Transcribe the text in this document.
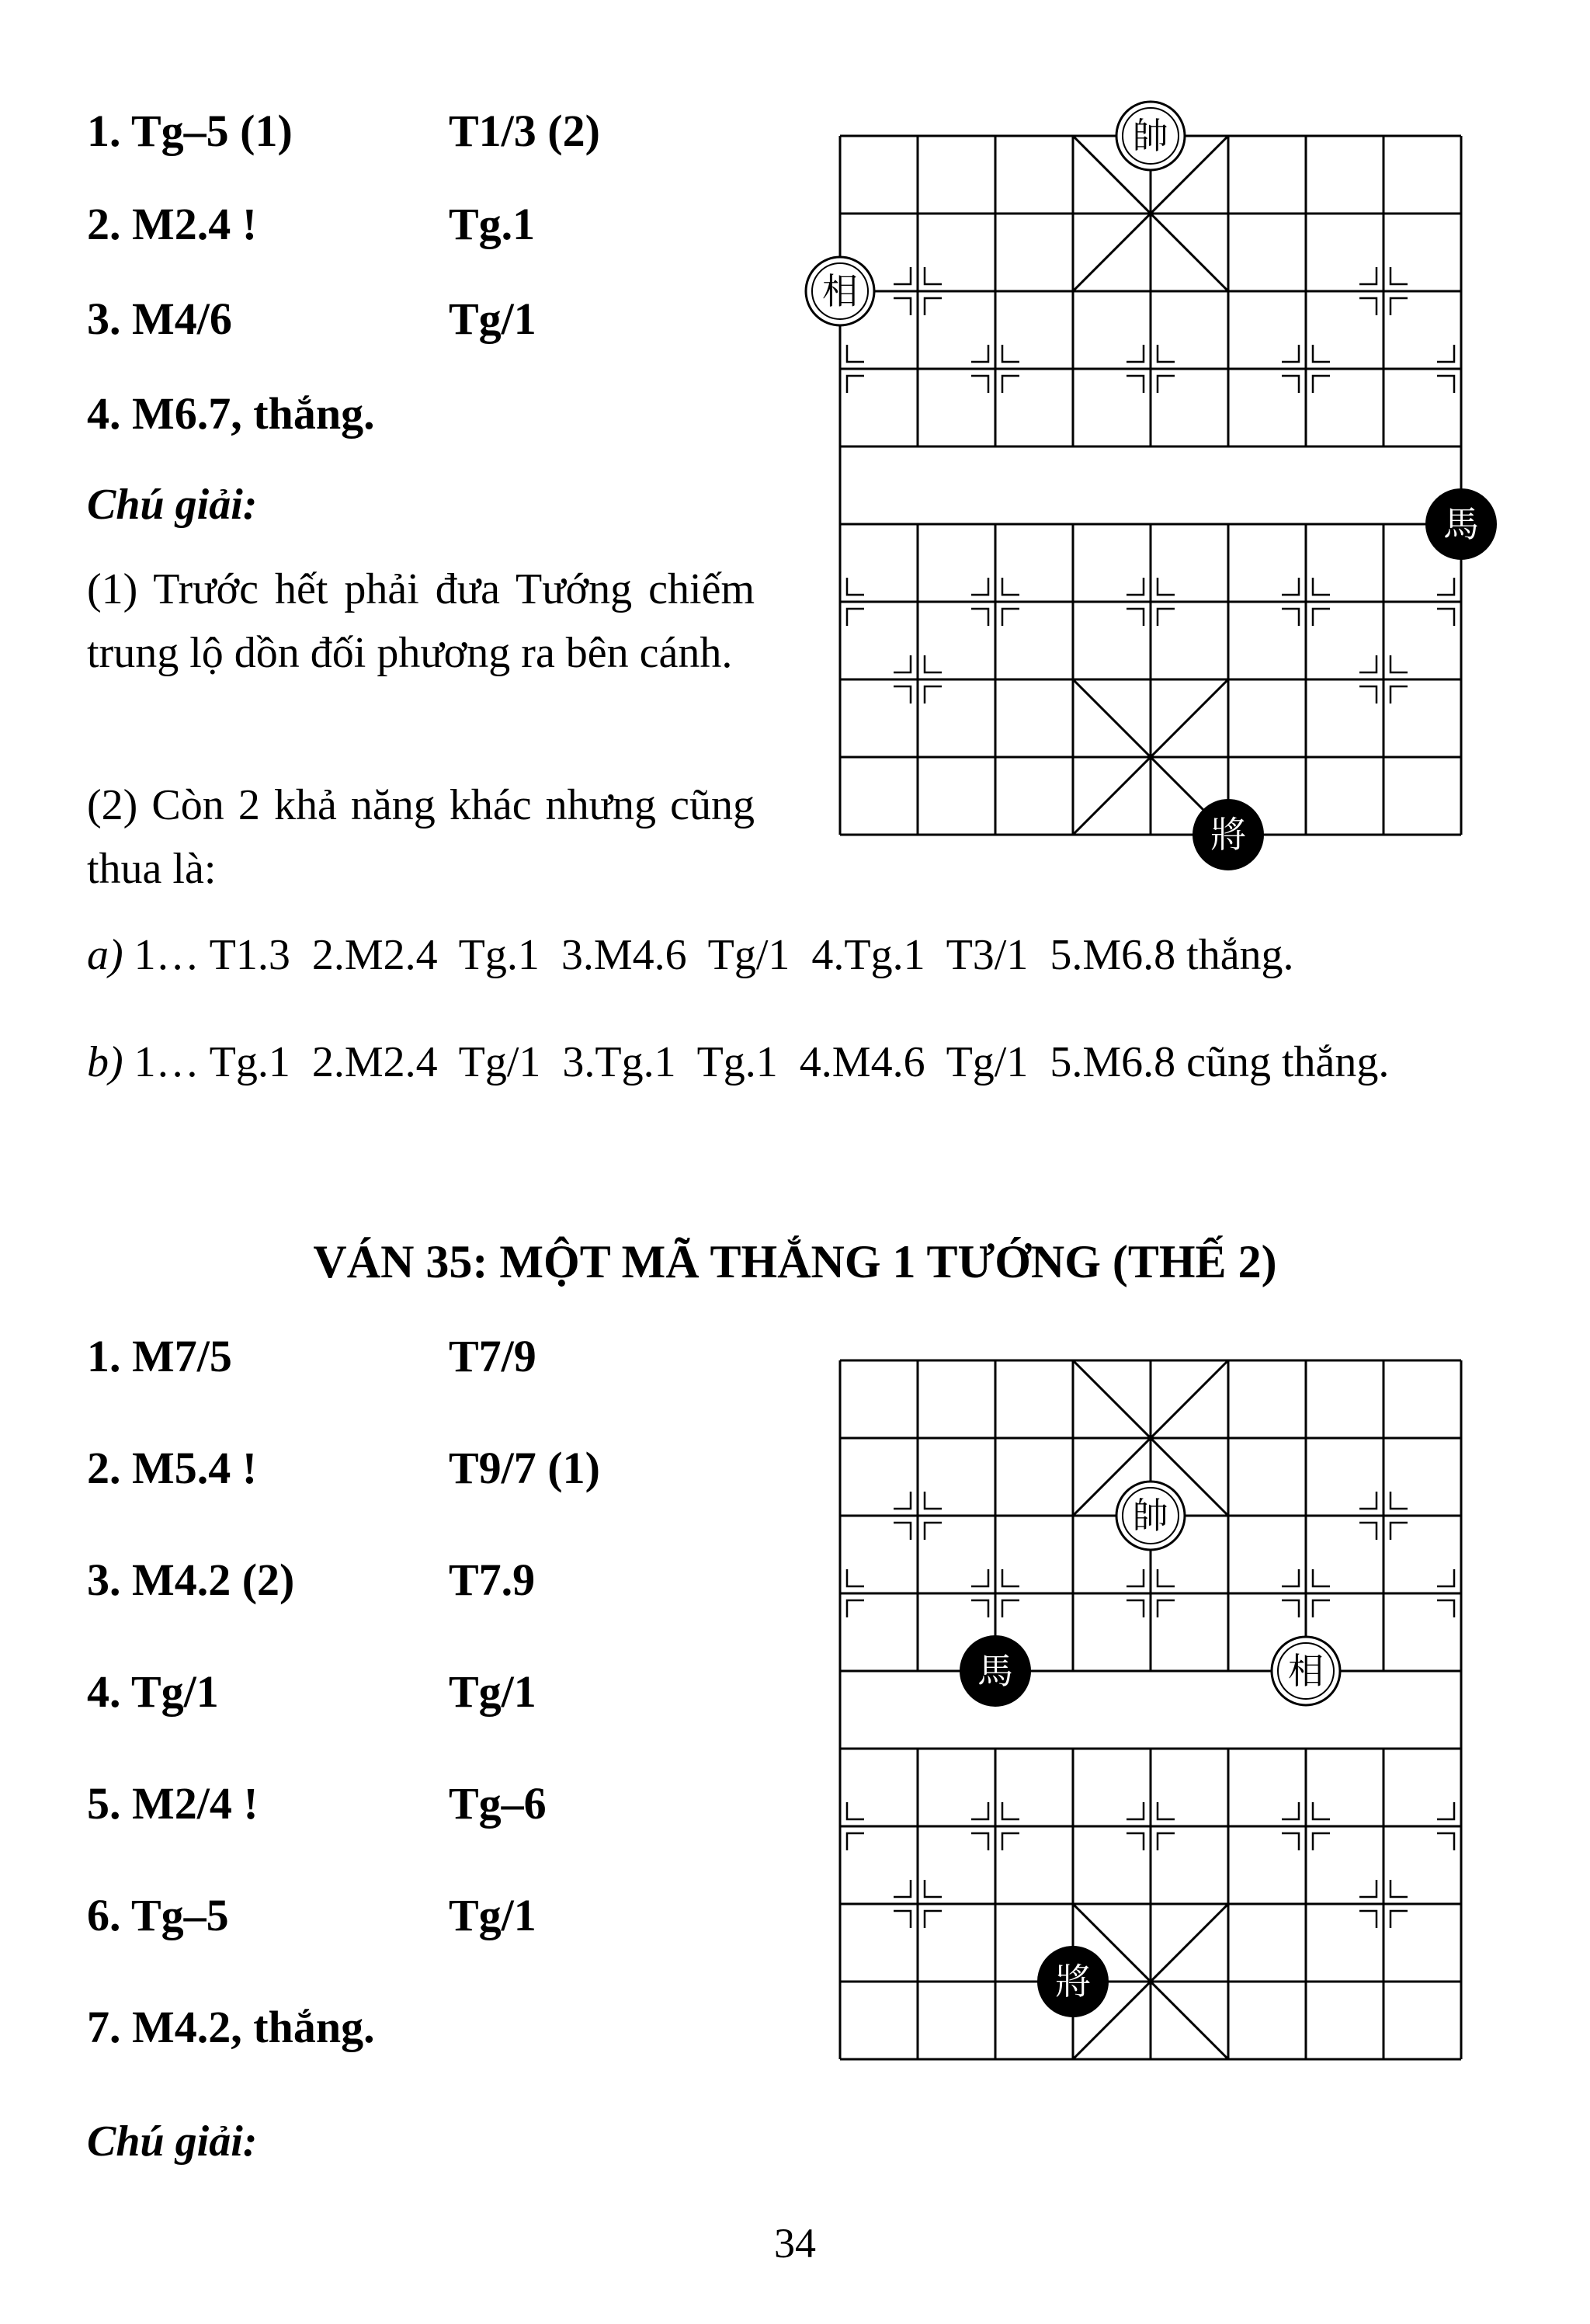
1. Tg–5 (1)	T1/3 (2)
2. M2.4 !	Tg.1
3. M4/6	Tg/1
4. M6.7, thắng.
Chú giải:
(1) Trước hết phải đưa Tướng chiếm trung lộ dồn đối phương ra bên cánh.
(2) Còn 2 khả năng khác nhưng cũng thua là:
a) 1… T1.3  2.M2.4  Tg.1  3.M4.6  Tg/1  4.Tg.1  T3/1  5.M6.8 thắng.
b) 1… Tg.1  2.M2.4  Tg/1  3.Tg.1  Tg.1  4.M4.6  Tg/1  5.M6.8 cũng thắng.
帥
相
馬
將
VÁN 35: MỘT MÃ THẮNG 1 TƯỚNG (THẾ 2)
1. M7/5	T7/9
2. M5.4 !	T9/7 (1)
3. M4.2 (2)	T7.9
4. Tg/1	Tg/1
5. M2/4 !	Tg–6
6. Tg–5	Tg/1
7. M4.2, thắng.
Chú giải:
帥
馬	相
將
34
